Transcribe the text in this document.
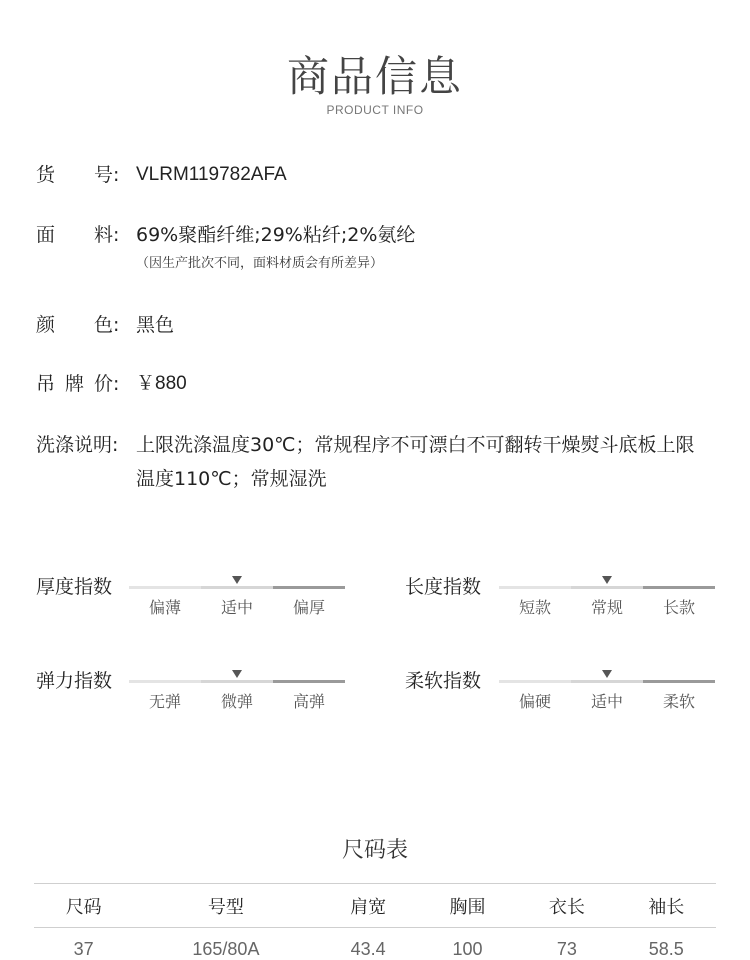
商品信息
PRODUCT INFO
货 号: VLRM119782AFA
面 料: 69%聚酯纤维;29%粘纤;2%氨纶
（因生产批次不同，面料材质会有所差异）
颜 色: 黑色
吊 牌 价: ￥880
洗涤说明: 上限洗涤温度30℃；常规程序不可漂白不可翻转干燥熨斗底板上限
温度110℃；常规湿洗
厚度指数
偏薄	适中	偏厚
长度指数
短款	常规	长款
弹力指数
无弹	微弹	高弹
柔软指数
偏硬	适中	柔软
尺码表
尺码	号型	肩宽	胸围	衣长	袖长
37	165/80A	43.4	100	73	58.5
